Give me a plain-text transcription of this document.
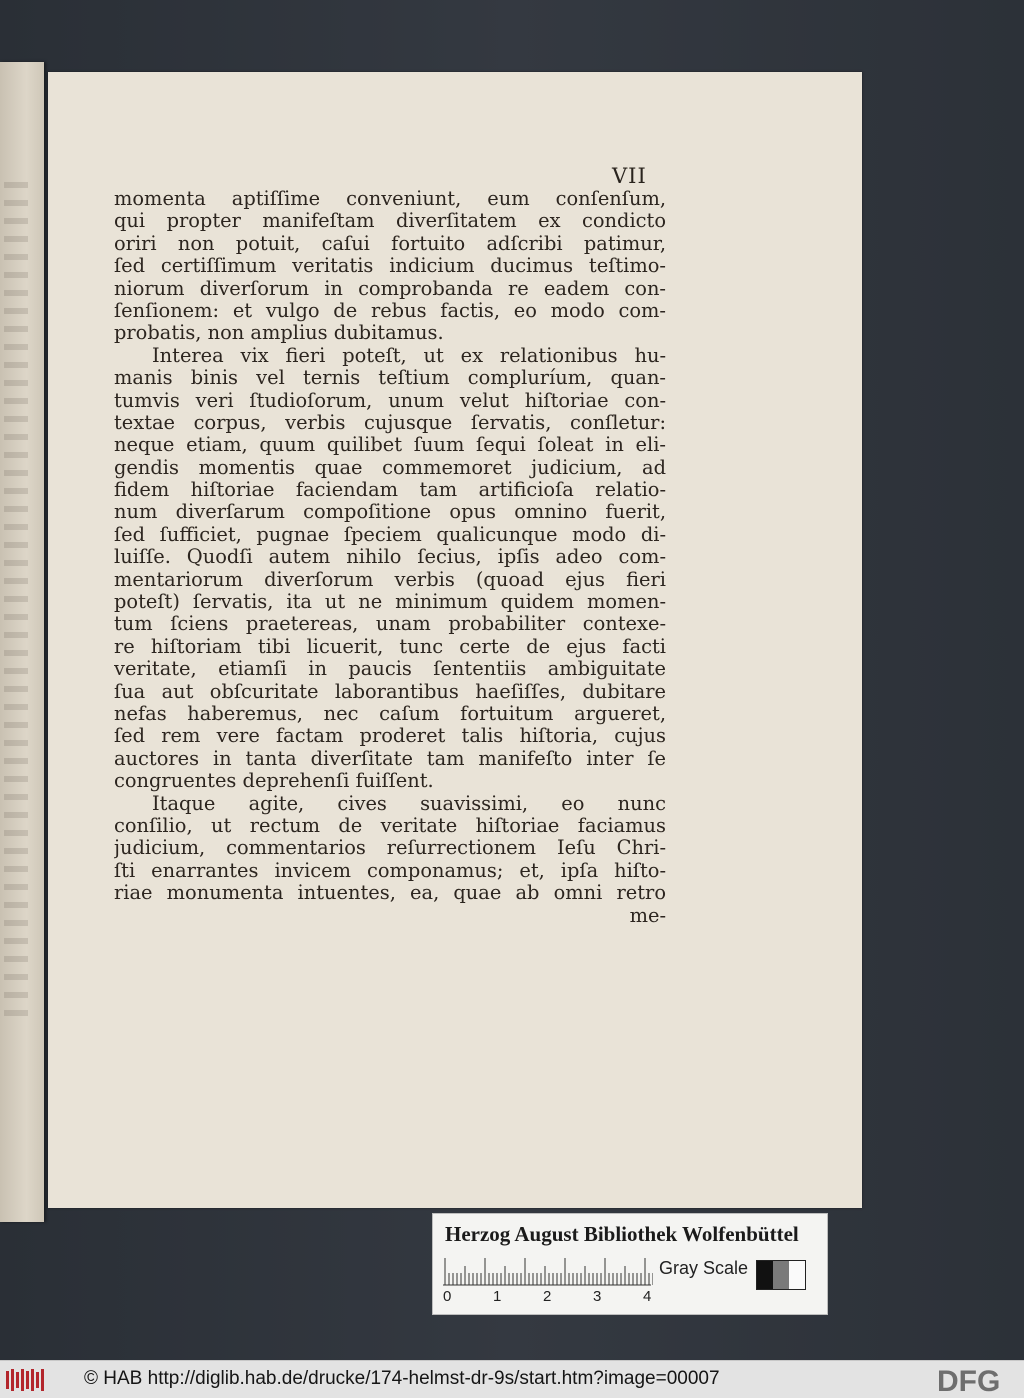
VII

momenta aptiſſime conveniunt, eum conſenſum,
qui propter manifeſtam diverſitatem ex condicto
oriri non potuit, caſui fortuito adſcribi patimur,
ſed certiſſimum veritatis indicium ducimus teſtimo-
niorum diverſorum in comprobanda re eadem con-
ſenſionem: et vulgo de rebus factis, eo modo com-
probatis, non amplius dubitamus.
Interea vix fieri poteſt, ut ex relationibus hu-
manis binis vel ternis teſtium compluríum, quan-
tumvis veri ſtudioſorum, unum velut hiſtoriae con-
textae corpus, verbis cujusque ſervatis, conſletur:
neque etiam, quum quilibet ſuum ſequi ſoleat in eli-
gendis momentis quae commemoret judicium, ad
fidem hiſtoriae faciendam tam artificioſa relatio-
num diverſarum compoſitione opus omnino fuerit,
ſed ſufficiet, pugnae ſpeciem qualicunque modo di-
luiſſe. Quodſi autem nihilo ſecius, ipſis adeo com-
mentariorum diverſorum verbis (quoad ejus fieri
poteſt) ſervatis, ita ut ne minimum quidem momen-
tum ſciens praetereas, unam probabiliter contexe-
re hiſtoriam tibi licuerit, tunc certe de ejus facti
veritate, etiamſi in paucis ſententiis ambiguitate
ſua aut obſcuritate laborantibus haeſiſſes, dubitare
nefas haberemus, nec caſum fortuitum argueret,
ſed rem vere factam proderet talis hiſtoria, cujus
auctores in tanta diverſitate tam manifeſto inter ſe
congruentes deprehenſi fuiſſent.
Itaque agite, cives suavissimi, eo nunc
conſilio, ut rectum de veritate hiſtoriae faciamus
judicium, commentarios reſurrectionem Ieſu Chri-
ſti enarrantes invicem componamus; et, ipſa hiſto-
riae monumenta intuentes, ea, quae ab omni retro
me-

Herzog August Bibliothek Wolfenbüttel

0	1	2	3	4
Gray Scale
© HAB http://diglib.hab.de/drucke/174-helmst-dr-9s/start.htm?image=00007	DFG
